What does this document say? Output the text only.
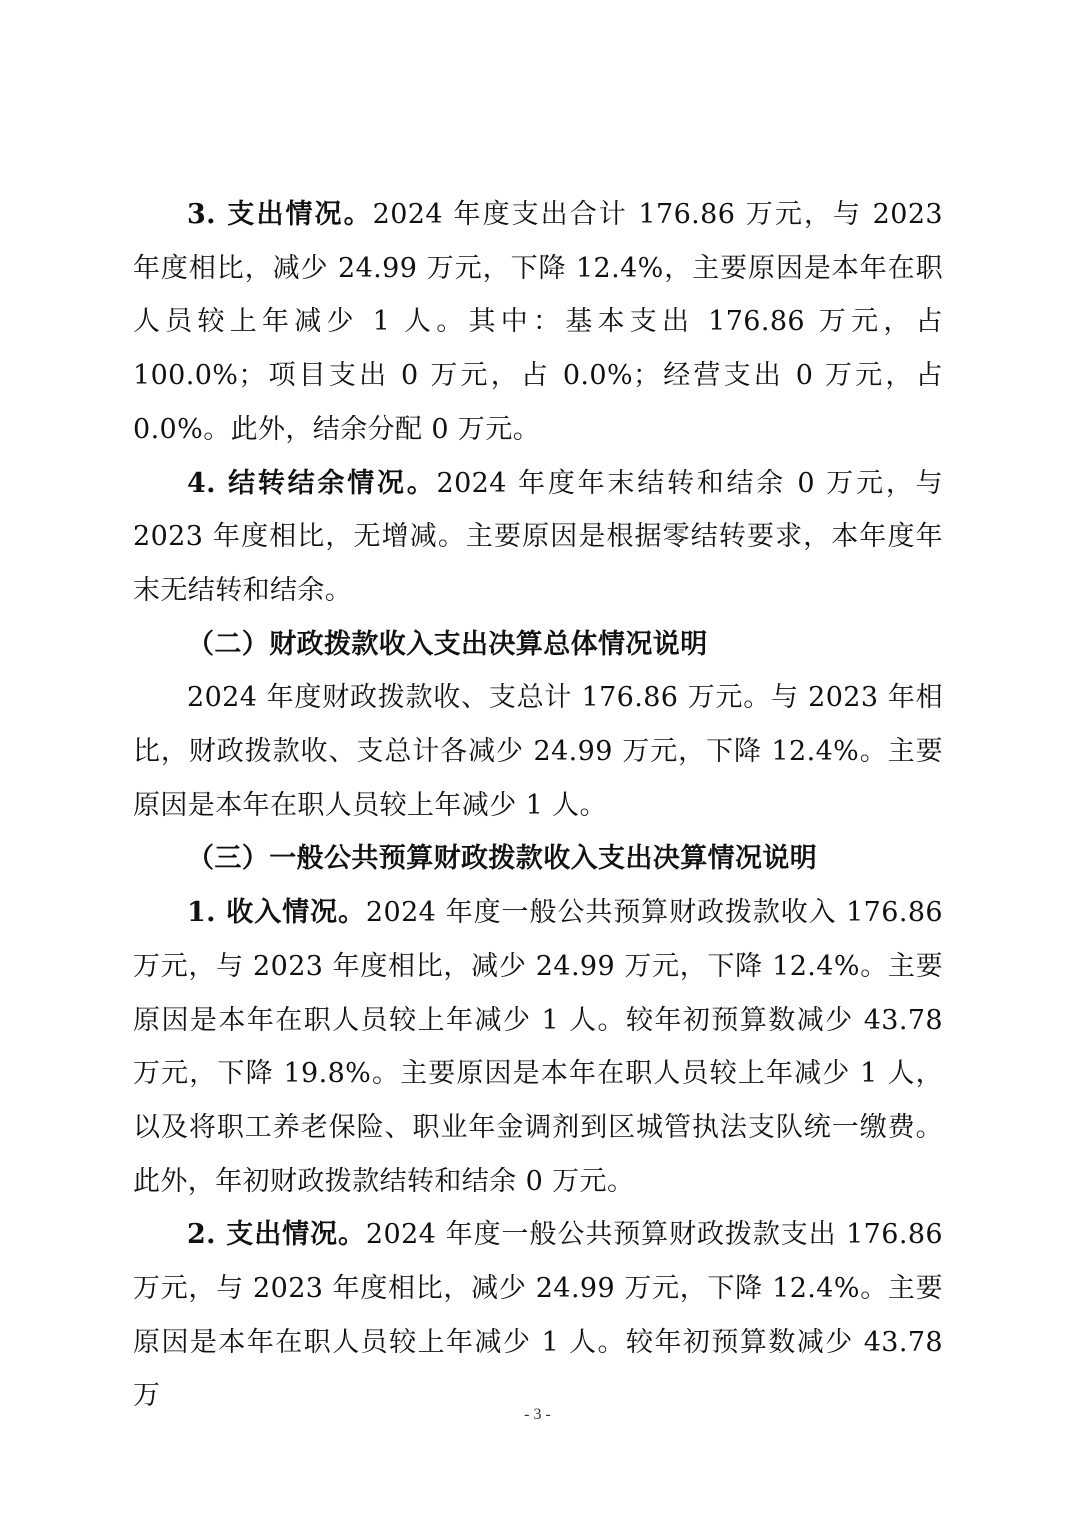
3. 支出情况。2024 年度支出合计 176.86 万元，与 2023 年度相比，减少 24.99 万元，下降 12.4%，主要原因是本年在职人员较上年减少 1 人。其中：基本支出 176.86 万元，占 100.0%；项目支出 0 万元，占 0.0%；经营支出 0 万元，占 0.0%。此外，结余分配 0 万元。

4. 结转结余情况。2024 年度年末结转和结余 0 万元，与 2023 年度相比，无增减。主要原因是根据零结转要求，本年度年末无结转和结余。

（二）财政拨款收入支出决算总体情况说明

2024 年度财政拨款收、支总计 176.86 万元。与 2023 年相比，财政拨款收、支总计各减少 24.99 万元，下降 12.4%。主要原因是本年在职人员较上年减少 1 人。

（三）一般公共预算财政拨款收入支出决算情况说明

1. 收入情况。2024 年度一般公共预算财政拨款收入 176.86 万元，与 2023 年度相比，减少 24.99 万元，下降 12.4%。主要原因是本年在职人员较上年减少 1 人。较年初预算数减少 43.78 万元，下降 19.8%。主要原因是本年在职人员较上年减少 1 人，以及将职工养老保险、职业年金调剂到区城管执法支队统一缴费。此外，年初财政拨款结转和结余 0 万元。

2. 支出情况。2024 年度一般公共预算财政拨款支出 176.86 万元，与 2023 年度相比，减少 24.99 万元，下降 12.4%。主要原因是本年在职人员较上年减少 1 人。较年初预算数减少 43.78 万

- 3 -
